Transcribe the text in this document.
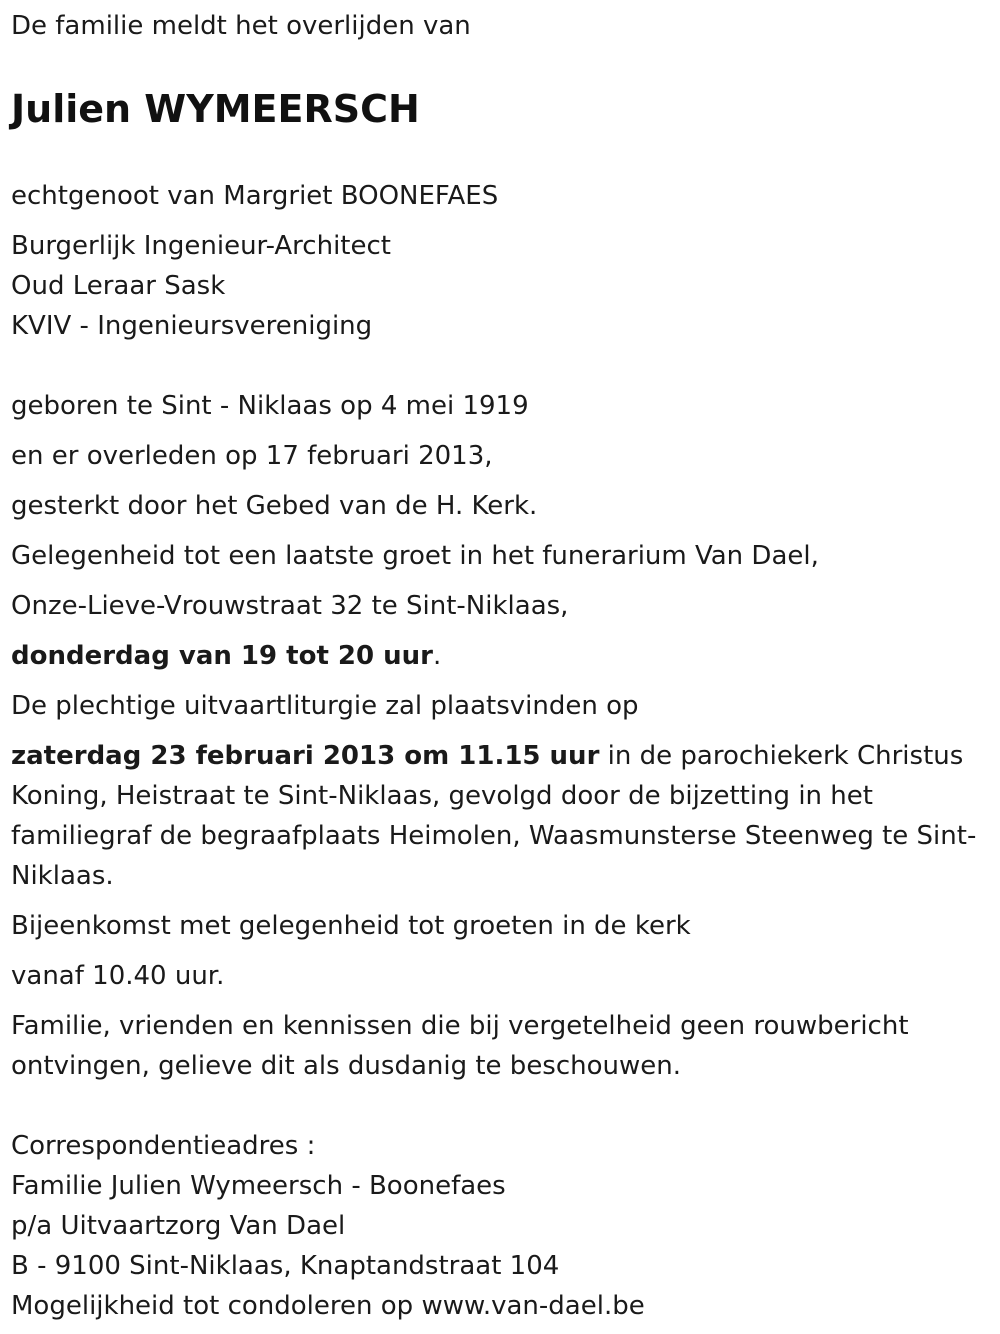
De familie meldt het overlijden van

Julien WYMEERSCH

echtgenoot van Margriet BOONEFAES

Burgerlijk Ingenieur-Architect

Oud Leraar Sask

KVIV - Ingenieursvereniging

geboren te Sint - Niklaas op 4 mei 1919

en er overleden op 17 februari 2013,

gesterkt door het Gebed van de H. Kerk.

Gelegenheid tot een laatste groet in het funerarium Van Dael,

Onze-Lieve-Vrouwstraat 32 te Sint-Niklaas,

donderdag van 19 tot 20 uur.

De plechtige uitvaartliturgie zal plaatsvinden op

zaterdag 23 februari 2013 om 11.15 uur in de parochiekerk Christus Koning, Heistraat te Sint-Niklaas, gevolgd door de bijzetting in het familiegraf de begraafplaats Heimolen, Waasmunsterse Steenweg te Sint-Niklaas.

Bijeenkomst met gelegenheid tot groeten in de kerk

vanaf 10.40 uur.

Familie, vrienden en kennissen die bij vergetelheid geen rouwbericht ontvingen, gelieve dit als dusdanig te beschouwen.

Correspondentieadres :

Familie Julien Wymeersch - Boonefaes

p/a Uitvaartzorg Van Dael

B - 9100 Sint-Niklaas, Knaptandstraat 104

Mogelijkheid tot condoleren op www.van-dael.be
